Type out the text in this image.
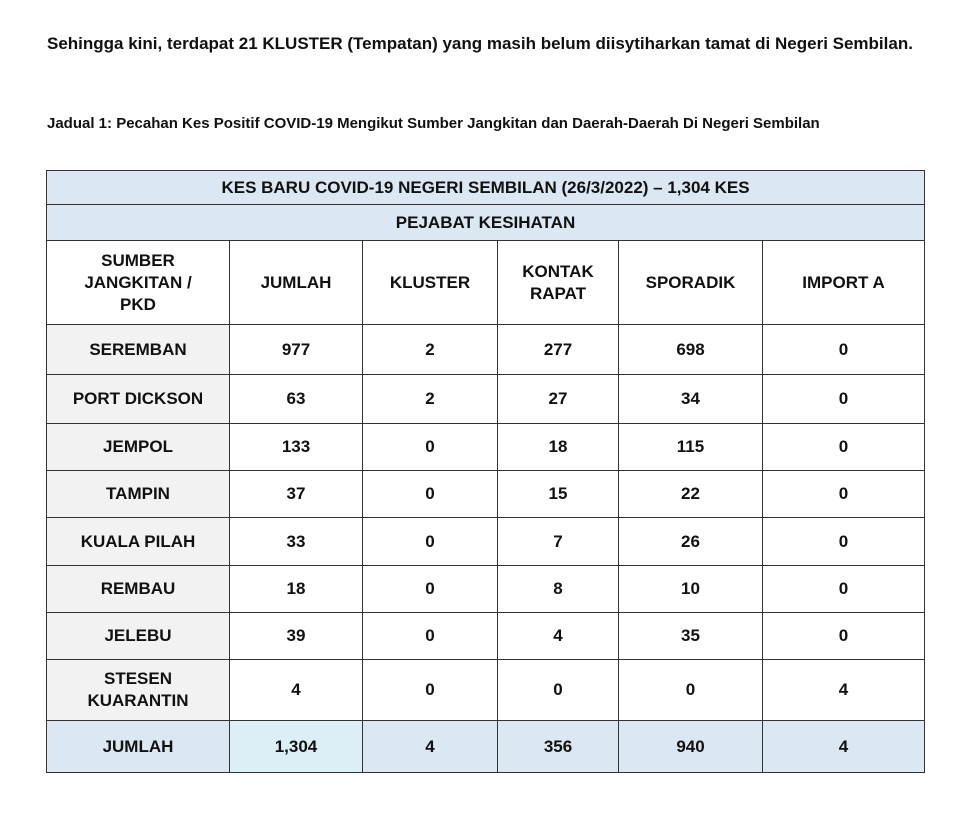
Sehingga kini, terdapat 21 KLUSTER (Tempatan) yang masih belum diisytiharkan tamat di Negeri Sembilan.

Jadual 1: Pecahan Kes Positif COVID-19 Mengikut Sumber Jangkitan dan Daerah-Daerah Di Negeri Sembilan

KES BARU COVID-19 NEGERI SEMBILAN (26/3/2022) – 1,304 KES					
PEJABAT KESIHATAN					
SUMBER JANGKITAN / PKD	JUMLAH	KLUSTER	KONTAK RAPAT	SPORADIK	IMPORT A
SEREMBAN	977	2	277	698	0
PORT DICKSON	63	2	27	34	0
JEMPOL	133	0	18	115	0
TAMPIN	37	0	15	22	0
KUALA PILAH	33	0	7	26	0
REMBAU	18	0	8	10	0
JELEBU	39	0	4	35	0
STESEN KUARANTIN	4	0	0	0	4
JUMLAH	1,304	4	356	940	4
